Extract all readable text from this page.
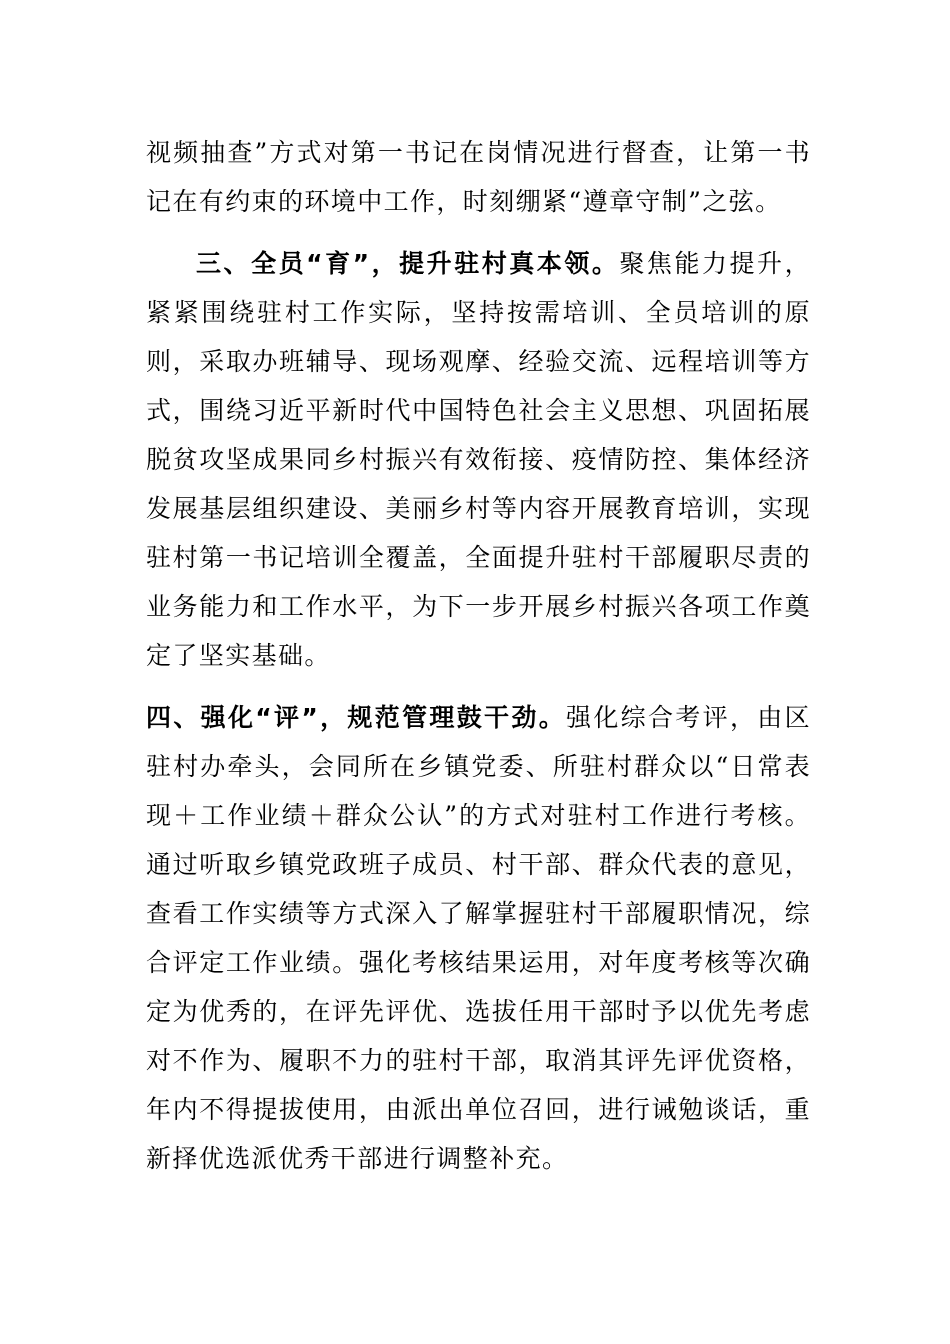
视频抽查”方式对第一书记在岗情况进行督查，让第一书记在有约束的环境中工作，时刻绷紧“遵章守制”之弦。

三、全员“育”，提升驻村真本领。聚焦能力提升，紧紧围绕驻村工作实际，坚持按需培训、全员培训的原则，采取办班辅导、现场观摩、经验交流、远程培训等方式，围绕习近平新时代中国特色社会主义思想、巩固拓展脱贫攻坚成果同乡村振兴有效衔接、疫情防控、集体经济发展基层组织建设、美丽乡村等内容开展教育培训，实现驻村第一书记培训全覆盖，全面提升驻村干部履职尽责的业务能力和工作水平，为下一步开展乡村振兴各项工作奠定了坚实基础。

四、强化“评”，规范管理鼓干劲。强化综合考评，由区驻村办牵头，会同所在乡镇党委、所驻村群众以“日常表现＋工作业绩＋群众公认”的方式对驻村工作进行考核。通过听取乡镇党政班子成员、村干部、群众代表的意见，查看工作实绩等方式深入了解掌握驻村干部履职情况，综合评定工作业绩。强化考核结果运用，对年度考核等次确定为优秀的，在评先评优、选拔任用干部时予以优先考虑对不作为、履职不力的驻村干部，取消其评先评优资格，年内不得提拔使用，由派出单位召回，进行诫勉谈话，重新择优选派优秀干部进行调整补充。
